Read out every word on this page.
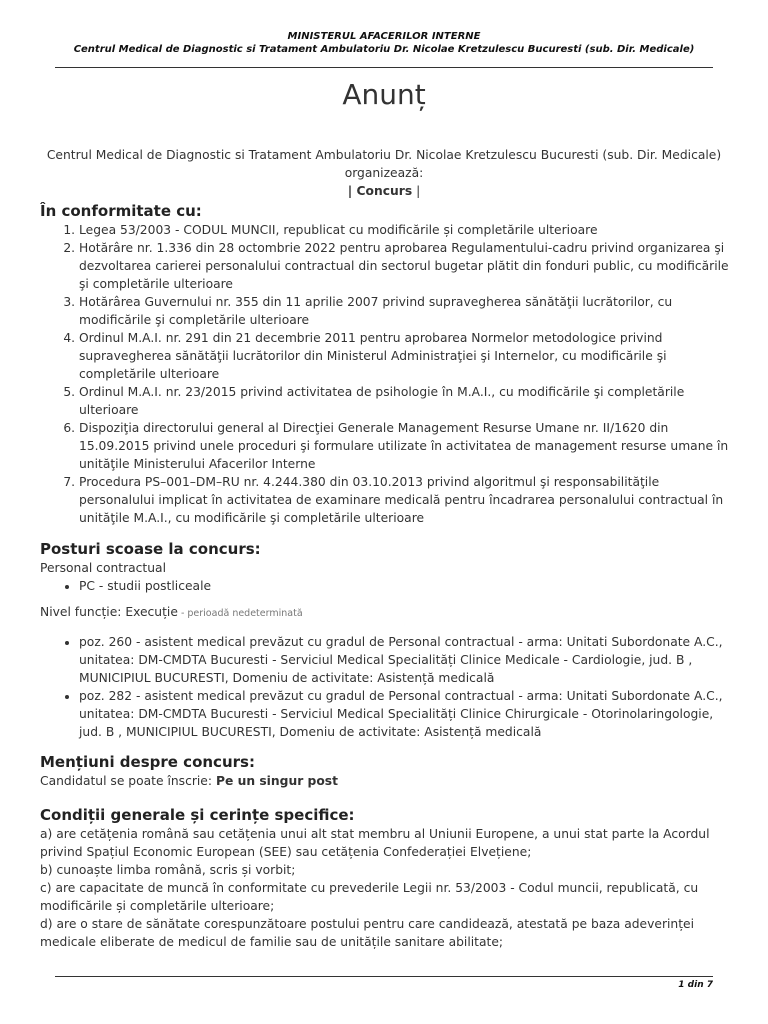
MINISTERUL AFACERILOR INTERNE
Centrul Medical de Diagnostic si Tratament Ambulatoriu Dr. Nicolae Kretzulescu Bucuresti (sub. Dir. Medicale)
Anunț
Centrul Medical de Diagnostic si Tratament Ambulatoriu Dr. Nicolae Kretzulescu Bucuresti (sub. Dir. Medicale) organizează:
| Concurs |
În conformitate cu:
1. Legea 53/2003 - CODUL MUNCII, republicat cu modificările și completările ulterioare
2. Hotărâre nr. 1.336 din 28 octombrie 2022 pentru aprobarea Regulamentului-cadru privind organizarea şi dezvoltarea carierei personalului contractual din sectorul bugetar plătit din fonduri public, cu modificările şi completările ulterioare
3. Hotărârea Guvernului nr. 355 din 11 aprilie 2007 privind supravegherea sănătăţii lucrătorilor, cu modificările şi completările ulterioare
4. Ordinul M.A.I. nr. 291 din 21 decembrie 2011 pentru aprobarea Normelor metodologice privind supravegherea sănătăţii lucrătorilor din Ministerul Administraţiei şi Internelor, cu modificările şi completările ulterioare
5. Ordinul M.A.I. nr. 23/2015 privind activitatea de psihologie în M.A.I., cu modificările şi completările ulterioare
6. Dispoziţia directorului general al Direcţiei Generale Management Resurse Umane nr. II/1620 din 15.09.2015 privind unele proceduri şi formulare utilizate în activitatea de management resurse umane în unităţile Ministerului Afacerilor Interne
7. Procedura PS–001–DM–RU nr. 4.244.380 din 03.10.2013 privind algoritmul şi responsabilităţile personalului implicat în activitatea de examinare medicală pentru încadrarea personalului contractual în unităţile M.A.I., cu modificările şi completările ulterioare
Posturi scoase la concurs:

Personal contractual

• PC - studii postliceale

Nivel funcție: Execuție - perioadă nedeterminată

• poz. 260 - asistent medical prevăzut cu gradul de Personal contractual - arma: Unitati Subordonate A.C., unitatea: DM-CMDTA Bucuresti - Serviciul Medical Specialități Clinice Medicale - Cardiologie, jud. B , MUNICIPIUL BUCURESTI, Domeniu de activitate: Asistență medicală
• poz. 282 - asistent medical prevăzut cu gradul de Personal contractual - arma: Unitati Subordonate A.C., unitatea: DM-CMDTA Bucuresti - Serviciul Medical Specialități Clinice Chirurgicale - Otorinolaringologie, jud. B , MUNICIPIUL BUCURESTI, Domeniu de activitate: Asistență medicală
Mențiuni despre concurs:

Candidatul se poate înscrie: Pe un singur post

Condiții generale și cerințe specifice:

a) are cetățenia română sau cetățenia unui alt stat membru al Uniunii Europene, a unui stat parte la Acordul privind Spațiul Economic European (SEE) sau cetățenia Confederației Elvețiene;

b) cunoaște limba română, scris și vorbit;

c) are capacitate de muncă în conformitate cu prevederile Legii nr. 53/2003 - Codul muncii, republicată, cu modificările și completările ulterioare;

d) are o stare de sănătate corespunzătoare postului pentru care candidează, atestată pe baza adeverinței medicale eliberate de medicul de familie sau de unitățile sanitare abilitate;

1 din 7
